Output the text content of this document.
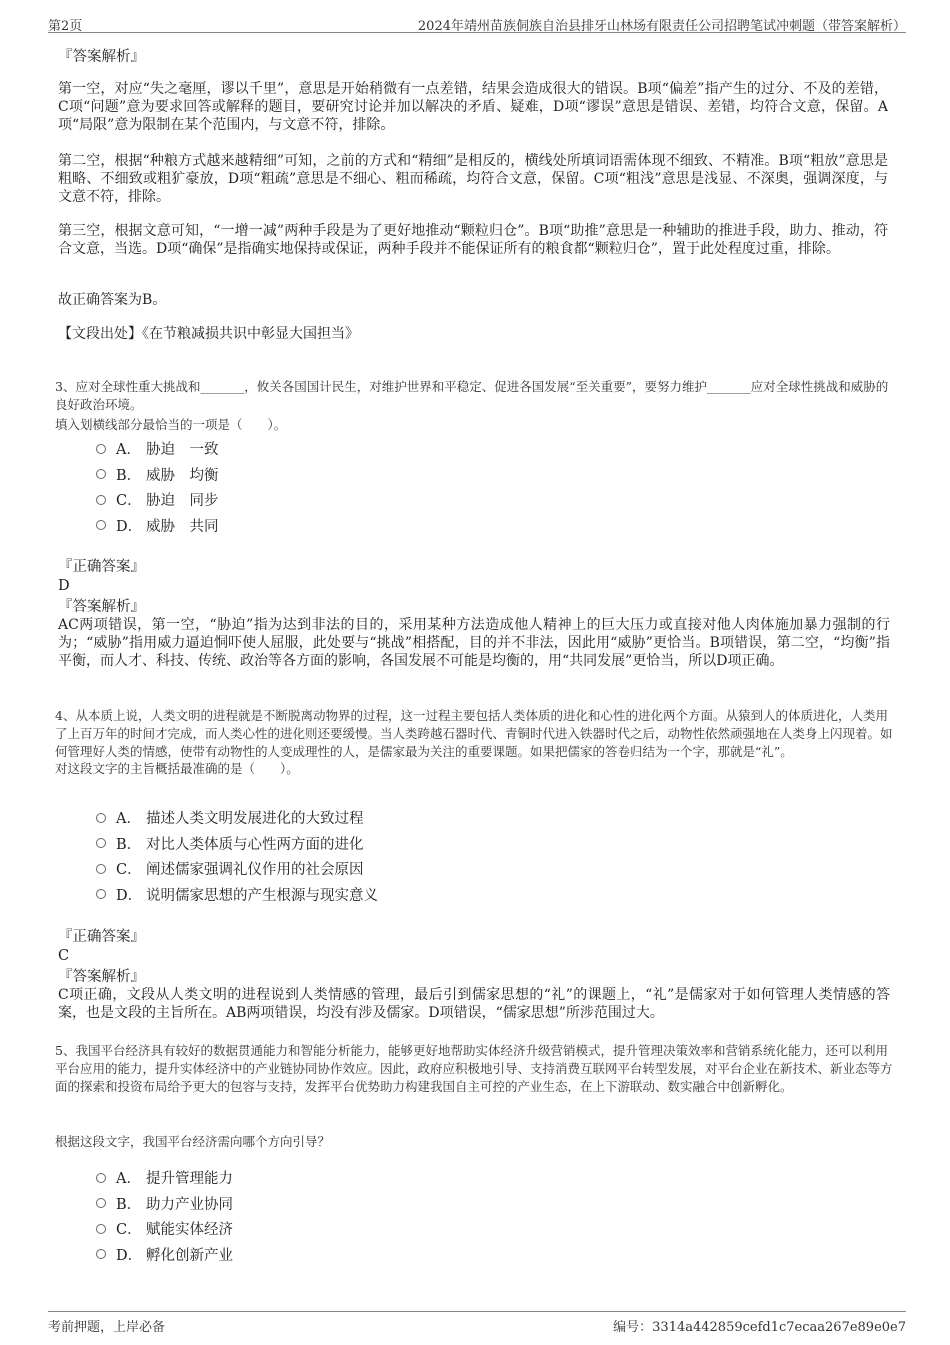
第2页	2024年靖州苗族侗族自治县排牙山林场有限责任公司招聘笔试冲刺题（带答案解析）
『答案解析』
第一空，对应“失之毫厘，谬以千里”，意思是开始稍微有一点差错，结果会造成很大的错误。B项“偏差”指产生的过分、不及的差错，C项“问题”意为要求回答或解释的题目，要研究讨论并加以解决的矛盾、疑难，D项“谬误”意思是错误、差错，均符合文意，保留。A项“局限”意为限制在某个范围内，与文意不符，排除。
第二空，根据“种粮方式越来越精细”可知，之前的方式和“精细”是相反的，横线处所填词语需体现不细致、不精准。B项“粗放”意思是粗略、不细致或粗犷豪放，D项“粗疏”意思是不细心、粗而稀疏，均符合文意，保留。C项“粗浅”意思是浅显、不深奥，强调深度，与文意不符，排除。
第三空，根据文意可知，“一增一减”两种手段是为了更好地推动“颗粒归仓”。B项“助推”意思是一种辅助的推进手段，助力、推动，符合文意，当选。D项“确保”是指确实地保持或保证，两种手段并不能保证所有的粮食都“颗粒归仓”，置于此处程度过重，排除。
故正确答案为B。
【文段出处】《在节粮减损共识中彰显大国担当》
3、应对全球性重大挑战和_______，攸关各国国计民生，对维护世界和平稳定、促进各国发展“至关重要”，要努力维护_______应对全球性挑战和威胁的良好政治环境。
填入划横线部分最恰当的一项是（　　）。
A． 胁迫　一致
B． 威胁　均衡
C． 胁迫　同步
D． 威胁　共同
『正确答案』
D
『答案解析』
AC两项错误，第一空，“胁迫”指为达到非法的目的，采用某种方法造成他人精神上的巨大压力或直接对他人肉体施加暴力强制的行为；“威胁”指用威力逼迫恫吓使人屈服，此处要与“挑战”相搭配，目的并不非法，因此用“威胁”更恰当。B项错误，第二空，“均衡”指平衡，而人才、科技、传统、政治等各方面的影响，各国发展不可能是均衡的，用“共同发展”更恰当，所以D项正确。
4、从本质上说，人类文明的进程就是不断脱离动物界的过程，这一过程主要包括人类体质的进化和心性的进化两个方面。从猿到人的体质进化，人类用了上百万年的时间才完成，而人类心性的进化则还要缓慢。当人类跨越石器时代、青铜时代进入铁器时代之后，动物性依然顽强地在人类身上闪现着。如何管理好人类的情感，使带有动物性的人变成理性的人，是儒家最为关注的重要课题。如果把儒家的答卷归结为一个字，那就是“礼”。
对这段文字的主旨概括最准确的是（　　）。
A． 描述人类文明发展进化的大致过程
B． 对比人类体质与心性两方面的进化
C． 阐述儒家强调礼仪作用的社会原因
D． 说明儒家思想的产生根源与现实意义
『正确答案』
C
『答案解析』
C项正确，文段从人类文明的进程说到人类情感的管理，最后引到儒家思想的“礼”的课题上，“礼”是儒家对于如何管理人类情感的答案，也是文段的主旨所在。AB两项错误，均没有涉及儒家。D项错误，“儒家思想”所涉范围过大。
5、我国平台经济具有较好的数据贯通能力和智能分析能力，能够更好地帮助实体经济升级营销模式，提升管理决策效率和营销系统化能力，还可以利用平台应用的能力，提升实体经济中的产业链协同协作效应。因此，政府应积极地引导、支持消费互联网平台转型发展，对平台企业在新技术、新业态等方面的探索和投资布局给予更大的包容与支持，发挥平台优势助力构建我国自主可控的产业生态，在上下游联动、数实融合中创新孵化。
根据这段文字，我国平台经济需向哪个方向引导？
A． 提升管理能力
B． 助力产业协同
C． 赋能实体经济
D． 孵化创新产业
考前押题，上岸必备	编号：3314a442859cefd1c7ecaa267e89e0e7
